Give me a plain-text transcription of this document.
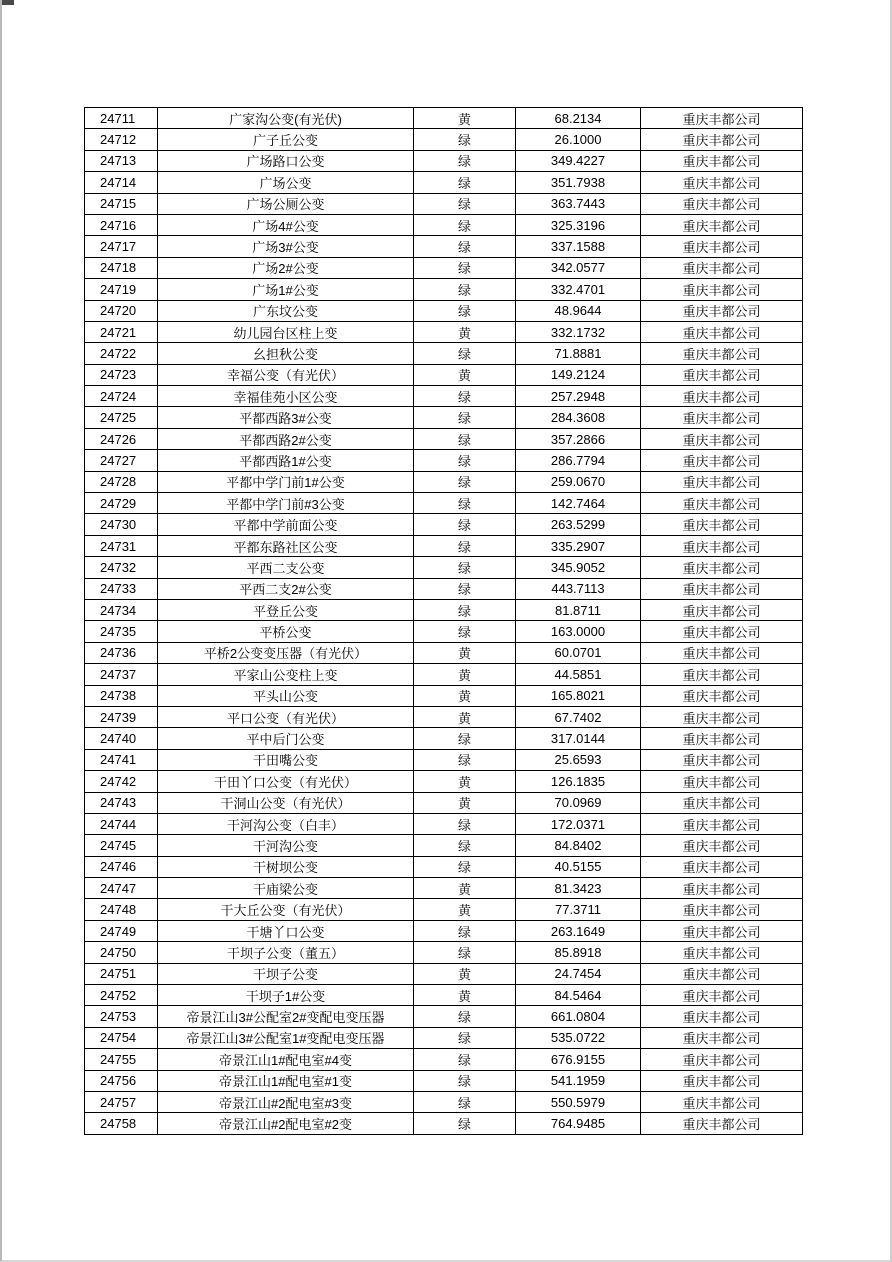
24711	广家沟公变(有光伏)	黄	68.2134	重庆丰都公司
24712	广子丘公变	绿	26.1000	重庆丰都公司
24713	广场路口公变	绿	349.4227	重庆丰都公司
24714	广场公变	绿	351.7938	重庆丰都公司
24715	广场公厕公变	绿	363.7443	重庆丰都公司
24716	广场4#公变	绿	325.3196	重庆丰都公司
24717	广场3#公变	绿	337.1588	重庆丰都公司
24718	广场2#公变	绿	342.0577	重庆丰都公司
24719	广场1#公变	绿	332.4701	重庆丰都公司
24720	广东坟公变	绿	48.9644	重庆丰都公司
24721	幼儿园台区柱上变	黄	332.1732	重庆丰都公司
24722	幺担秋公变	绿	71.8881	重庆丰都公司
24723	幸福公变（有光伏）	黄	149.2124	重庆丰都公司
24724	幸福佳苑小区公变	绿	257.2948	重庆丰都公司
24725	平都西路3#公变	绿	284.3608	重庆丰都公司
24726	平都西路2#公变	绿	357.2866	重庆丰都公司
24727	平都西路1#公变	绿	286.7794	重庆丰都公司
24728	平都中学门前1#公变	绿	259.0670	重庆丰都公司
24729	平都中学门前#3公变	绿	142.7464	重庆丰都公司
24730	平都中学前面公变	绿	263.5299	重庆丰都公司
24731	平都东路社区公变	绿	335.2907	重庆丰都公司
24732	平西二支公变	绿	345.9052	重庆丰都公司
24733	平西二支2#公变	绿	443.7113	重庆丰都公司
24734	平登丘公变	绿	81.8711	重庆丰都公司
24735	平桥公变	绿	163.0000	重庆丰都公司
24736	平桥2公变变压器（有光伏）	黄	60.0701	重庆丰都公司
24737	平家山公变柱上变	黄	44.5851	重庆丰都公司
24738	平头山公变	黄	165.8021	重庆丰都公司
24739	平口公变（有光伏）	黄	67.7402	重庆丰都公司
24740	平中后门公变	绿	317.0144	重庆丰都公司
24741	干田嘴公变	绿	25.6593	重庆丰都公司
24742	干田丫口公变（有光伏）	黄	126.1835	重庆丰都公司
24743	干洞山公变（有光伏）	黄	70.0969	重庆丰都公司
24744	干河沟公变（白丰）	绿	172.0371	重庆丰都公司
24745	干河沟公变	绿	84.8402	重庆丰都公司
24746	干树坝公变	绿	40.5155	重庆丰都公司
24747	干庙梁公变	黄	81.3423	重庆丰都公司
24748	干大丘公变（有光伏）	黄	77.3711	重庆丰都公司
24749	干塘丫口公变	绿	263.1649	重庆丰都公司
24750	干坝子公变（董五）	绿	85.8918	重庆丰都公司
24751	干坝子公变	黄	24.7454	重庆丰都公司
24752	干坝子1#公变	黄	84.5464	重庆丰都公司
24753	帝景江山3#公配室2#变配电变压器	绿	661.0804	重庆丰都公司
24754	帝景江山3#公配室1#变配电变压器	绿	535.0722	重庆丰都公司
24755	帝景江山1#配电室#4变	绿	676.9155	重庆丰都公司
24756	帝景江山1#配电室#1变	绿	541.1959	重庆丰都公司
24757	帝景江山#2配电室#3变	绿	550.5979	重庆丰都公司
24758	帝景江山#2配电室#2变	绿	764.9485	重庆丰都公司
